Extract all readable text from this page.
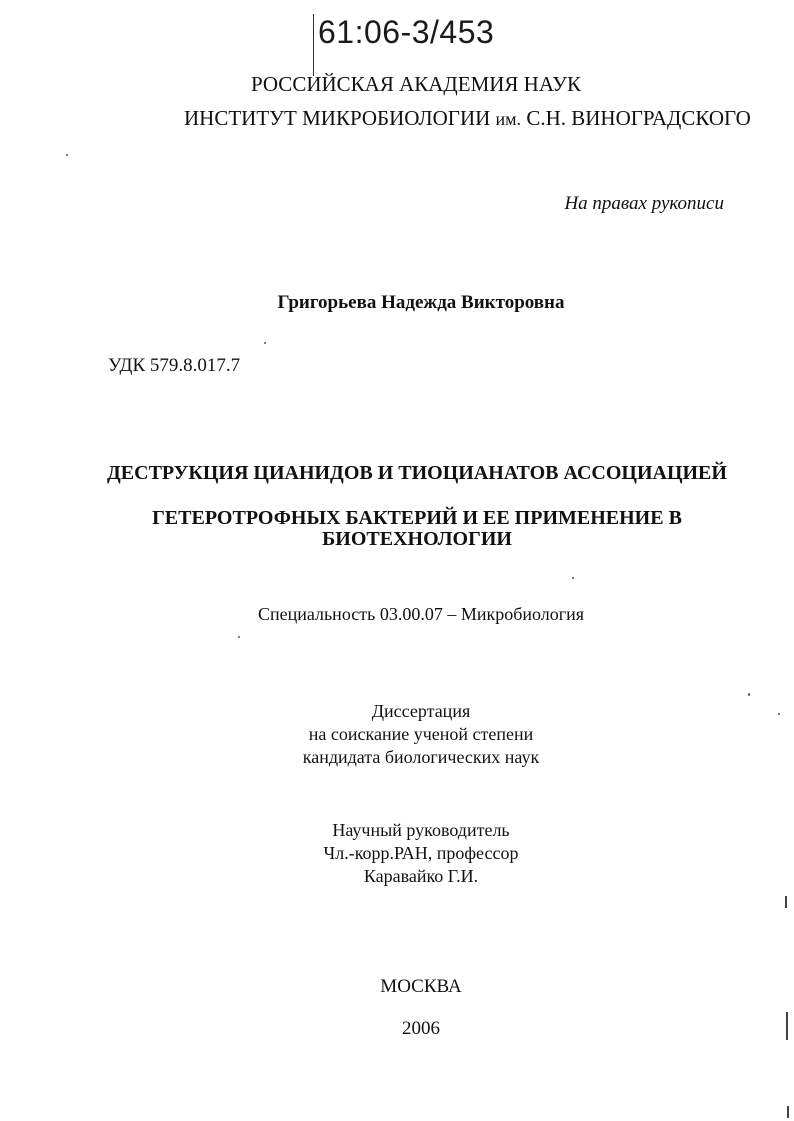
61:06-3/453
РОССИЙСКАЯ АКАДЕМИЯ НАУК
ИНСТИТУТ МИКРОБИОЛОГИИ им. С.Н. ВИНОГРАДСКОГО
На правах рукописи
Григорьева Надежда Викторовна
УДК 579.8.017.7
ДЕСТРУКЦИЯ ЦИАНИДОВ И ТИОЦИАНАТОВ АССОЦИАЦИЕЙ
ГЕТЕРОТРОФНЫХ БАКТЕРИЙ И ЕЕ ПРИМЕНЕНИЕ В
БИОТЕХНОЛОГИИ
Специальность 03.00.07 – Микробиология
Диссертация
на соискание ученой степени
кандидата биологических наук
Научный руководитель
Чл.-корр.РАН, профессор
Каравайко Г.И.
МОСКВА
2006
